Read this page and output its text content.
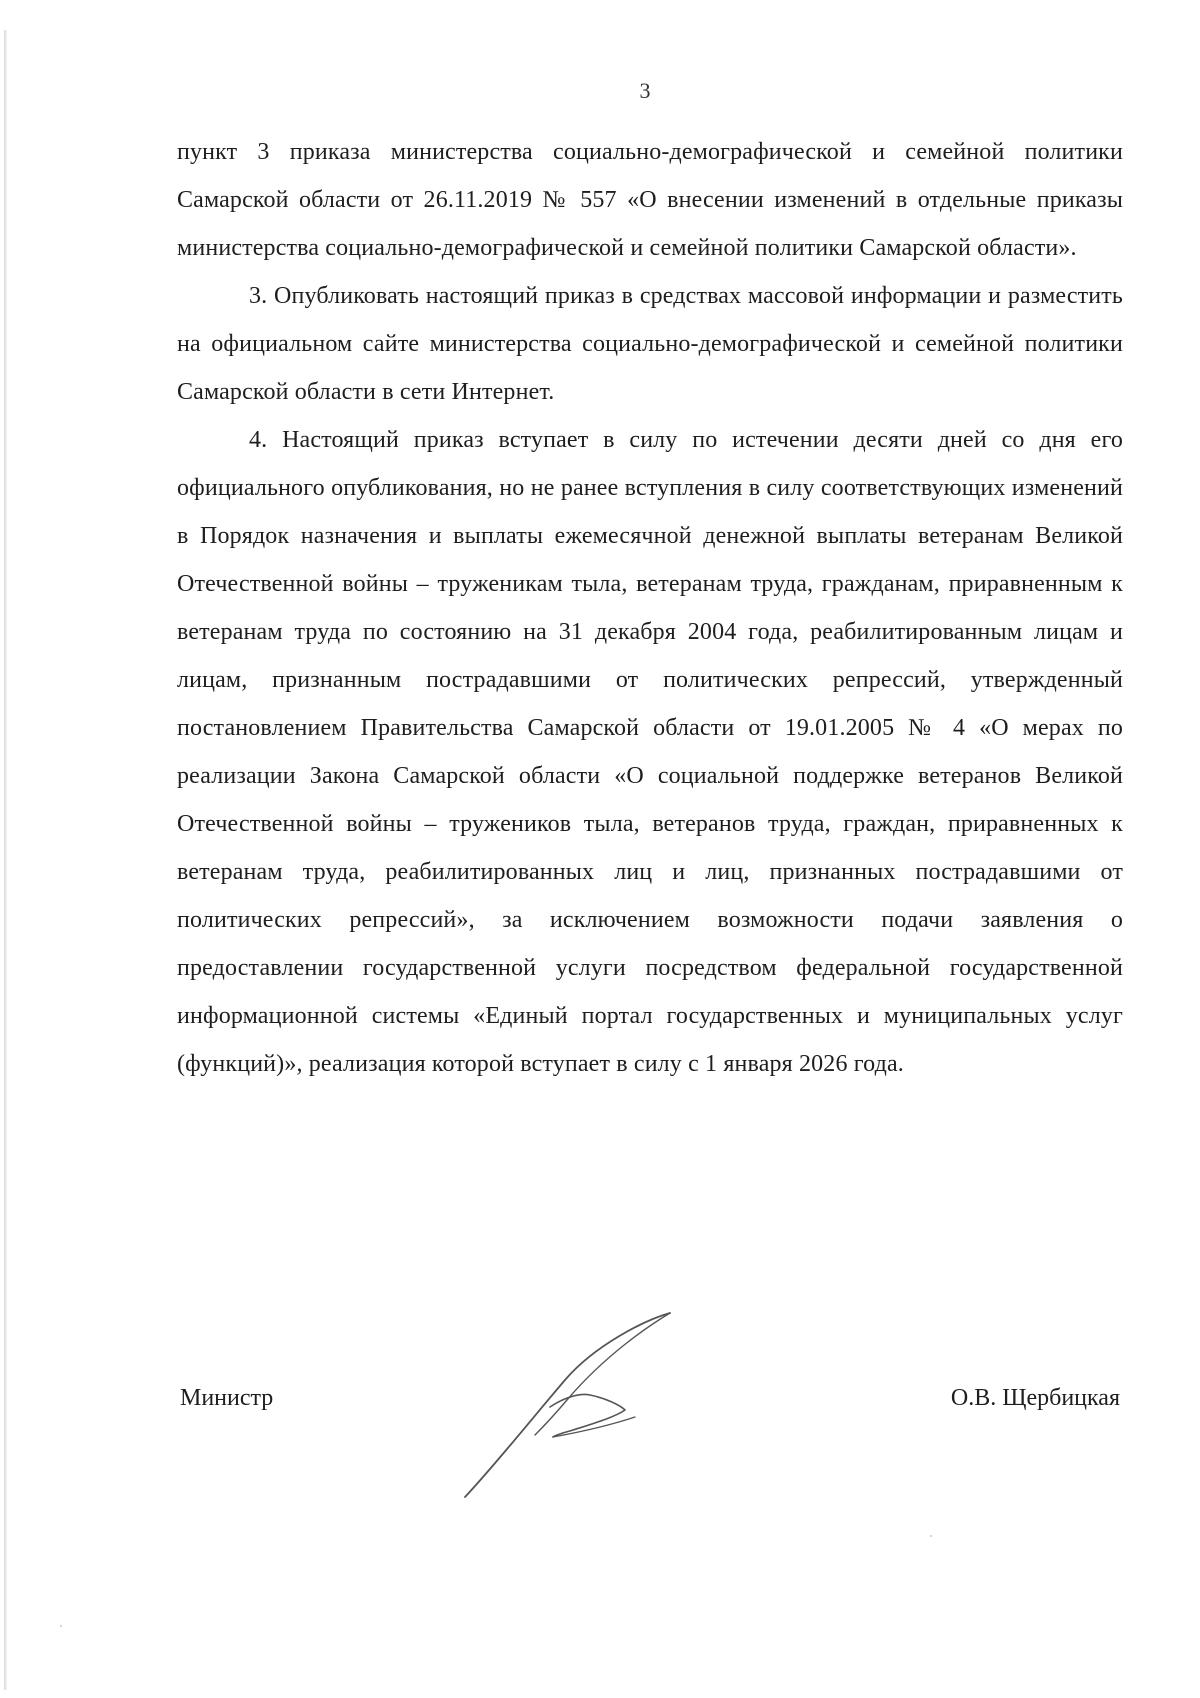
3

пункт 3 приказа министерства социально-демографической и семейной политики Самарской области от 26.11.2019 № 557 «О внесении изменений в отдельные приказы министерства социально-демографической и семейной политики Самарской области».

3. Опубликовать настоящий приказ в средствах массовой информации и разместить на официальном сайте министерства социально-демографической и семейной политики Самарской области в сети Интернет.

4. Настоящий приказ вступает в силу по истечении десяти дней со дня его официального опубликования, но не ранее вступления в силу соответствующих изменений в Порядок назначения и выплаты ежемесячной денежной выплаты ветеранам Великой Отечественной войны – труженикам тыла, ветеранам труда, гражданам, приравненным к ветеранам труда по состоянию на 31 декабря 2004 года, реабилитированным лицам и лицам, признанным пострадавшими от политических репрессий, утвержденный постановлением Правительства Самарской области от 19.01.2005 № 4 «О мерах по реализации Закона Самарской области «О социальной поддержке ветеранов Великой Отечественной войны – тружеников тыла, ветеранов труда, граждан, приравненных к ветеранам труда, реабилитированных лиц и лиц, признанных пострадавшими от политических репрессий», за исключением возможности подачи заявления о предоставлении государственной услуги посредством федеральной государственной информационной системы «Единый портал государственных и муниципальных услуг (функций)», реализация которой вступает в силу с 1 января 2026 года.

Министр	О.В. Щербицкая
